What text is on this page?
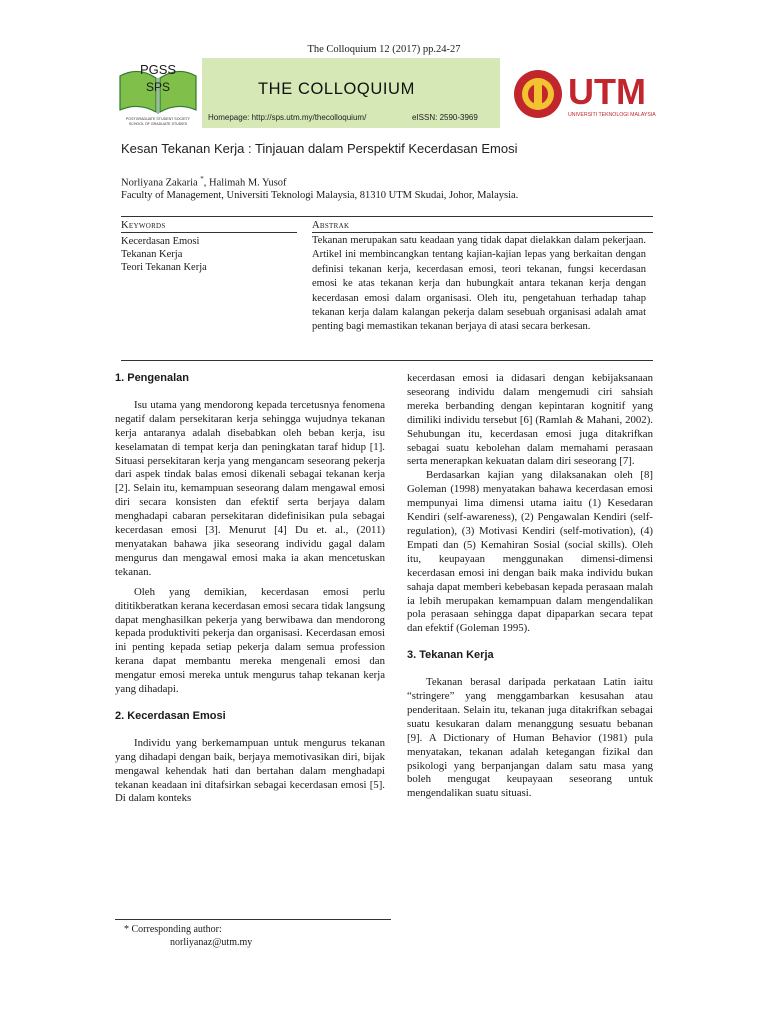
The Colloquium 12 (2017) pp.24-27
PGSS
SPS
POSTGRADUATE STUDENT SOCIETY
SCHOOL OF GRADUATE STUDIES
THE COLLOQUIUM
Homepage: http://sps.utm.my/thecolloquium/	eISSN: 2590-3969
UTM
UNIVERSITI TEKNOLOGI MALAYSIA
Kesan Tekanan Kerja : Tinjauan dalam Perspektif Kecerdasan Emosi
Norliyana Zakaria *, Halimah M. Yusof
Faculty of Management, Universiti Teknologi Malaysia, 81310 UTM Skudai, Johor, Malaysia.
Keywords	Abstrak
Kecerdasan Emosi
Tekanan Kerja
Teori Tekanan Kerja
Tekanan merupakan satu keadaan yang tidak dapat dielakkan dalam pekerjaan. Artikel ini membincangkan tentang kajian-kajian lepas yang berkaitan dengan definisi tekanan kerja, kecerdasan emosi, teori tekanan, fungsi kecerdasan emosi ke atas tekanan kerja dan hubungkait antara tekanan kerja dengan kecerdasan emosi dalam organisasi. Oleh itu, pengetahuan terhadap tahap tekanan kerja dalam kalangan pekerja dalam sesebuah organisasi adalah amat penting bagi memastikan tekanan berjaya di atasi secara berkesan.

1. Pengenalan

Isu utama yang mendorong kepada tercetusnya fenomena negatif dalam persekitaran kerja sehingga wujudnya tekanan kerja antaranya adalah disebabkan oleh beban kerja, isu keselamatan di tempat kerja dan peningkatan taraf hidup [1]. Situasi persekitaran kerja yang mengancam seseorang pekerja dari aspek tindak balas emosi dikenali sebagai tekanan kerja [2]. Selain itu, kemampuan seseorang dalam mengawal emosi diri secara konsisten dan efektif serta berjaya dalam menghadapi cabaran persekitaran didefinisikan pula sebagai kecerdasan emosi [3]. Menurut [4] Du et. al., (2011) menyatakan bahawa jika seseorang individu gagal dalam mengurus dan mengawal emosi maka ia akan mencetuskan tekanan.

Oleh yang demikian, kecerdasan emosi perlu dititikberatkan kerana kecerdasan emosi secara tidak langsung dapat menghasilkan pekerja yang berwibawa dan mendorong kepada produktiviti pekerja dan organisasi. Kecerdasan emosi ini penting kepada setiap pekerja dalam semua profession kerana dapat membantu mereka mengenali emosi dan mengatur emosi mereka untuk mengurus tahap tekanan kerja yang dihadapi.

2. Kecerdasan Emosi

Individu yang berkemampuan untuk mengurus tekanan yang dihadapi dengan baik, berjaya memotivasikan diri, bijak mengawal kehendak hati dan bertahan dalam menghadapi tekanan keadaan ini ditafsirkan sebagai kecerdasan emosi [5]. Di dalam konteks

kecerdasan emosi ia didasari dengan kebijaksanaan seseorang individu dalam mengemudi ciri sahsiah mereka berbanding dengan kepintaran kognitif yang dimiliki individu tersebut [6] (Ramlah & Mahani, 2002). Sehubungan itu, kecerdasan emosi juga ditakrifkan sebagai suatu kebolehan dalam memahami perasaan serta menerapkan kekuatan dalam diri seseorang [7].

Berdasarkan kajian yang dilaksanakan oleh [8] Goleman (1998) menyatakan bahawa kecerdasan emosi mempunyai lima dimensi utama iaitu (1) Kesedaran Kendiri (self-awareness), (2) Pengawalan Kendiri (self-regulation), (3) Motivasi Kendiri (self-motivation), (4) Empati dan (5) Kemahiran Sosial (social skills). Oleh itu, keupayaan menggunakan dimensi-dimensi kecerdasan emosi ini dengan baik maka individu bukan sahaja dapat memberi kebebasan kepada perasaan malah ia lebih merupakan kemampuan dalam mengendalikan pola perasaan sehingga dapat dipaparkan secara tepat dan efektif (Goleman 1995).

3. Tekanan Kerja

Tekanan berasal daripada perkataan Latin iaitu “stringere” yang menggambarkan kesusahan atau penderitaan. Selain itu, tekanan juga ditakrifkan sebagai suatu kesukaran dalam menanggung sesuatu bebanan [9]. A Dictionary of Human Behavior (1981) pula menyatakan, tekanan adalah ketegangan fizikal dan psikologi yang berpanjangan dalam satu masa yang boleh mengugat keupayaan seseorang untuk mengendalikan suatu situasi.

* Corresponding author:
norliyanaz@utm.my
